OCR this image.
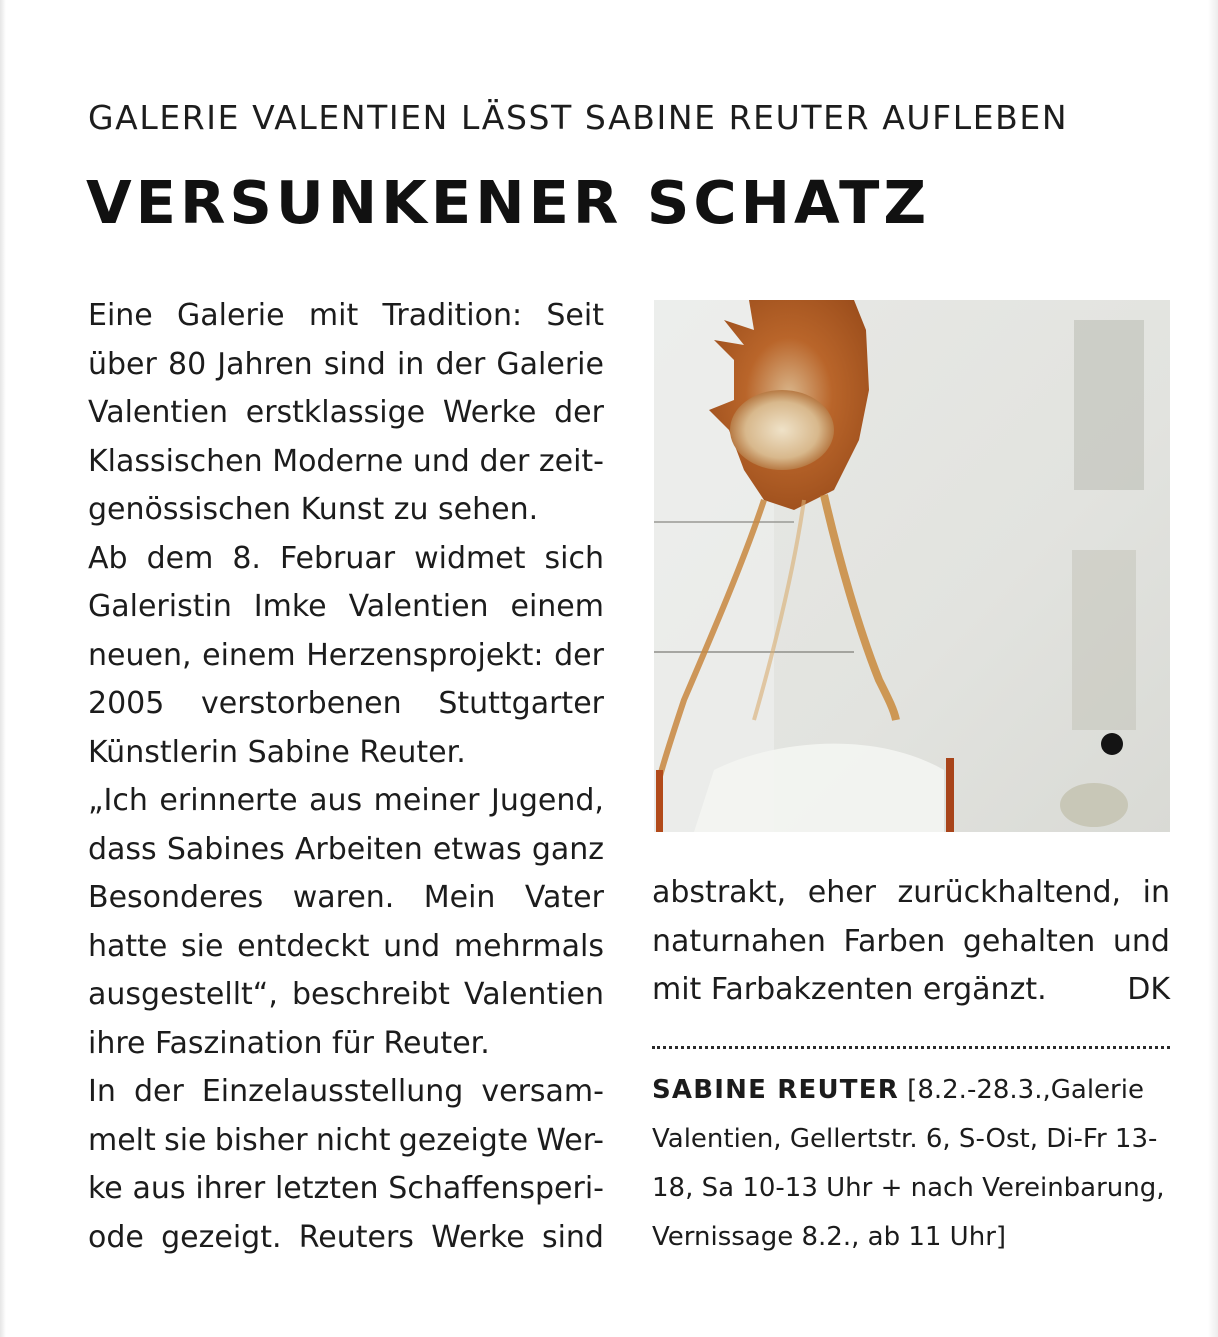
GALERIE VALENTIEN LÄSST SABINE REUTER AUFLEBEN
VERSUNKENER SCHATZ
Eine Galerie mit Tradition: Seit
über 80 Jahren sind in der Galerie
Valentien erstklassige Werke der
Klassischen Moderne und der zeit-
genössischen Kunst zu sehen.
Ab dem 8. Februar widmet sich
Galeristin Imke Valentien einem
neuen, einem Herzensprojekt: der
2005 verstorbenen Stuttgarter
Künstlerin Sabine Reuter.
„Ich erinnerte aus meiner Jugend,
dass Sabines Arbeiten etwas ganz
Besonderes waren. Mein Vater
hatte sie entdeckt und mehrmals
ausgestellt“, beschreibt Valentien
ihre Faszination für Reuter.
In der Einzelausstellung versam-
melt sie bisher nicht gezeigte Wer-
ke aus ihrer letzten Schaffensperi-
ode gezeigt. Reuters Werke sind
abstrakt, eher zurückhaltend, in
naturnahen Farben gehalten und
mit Farbakzenten ergänzt.	DK
SABINE REUTER [8.2.-28.3.,Galerie
Valentien, Gellertstr. 6, S-Ost, Di-Fr 13-
18, Sa 10-13 Uhr + nach Vereinbarung,
Vernissage 8.2., ab 11 Uhr]
